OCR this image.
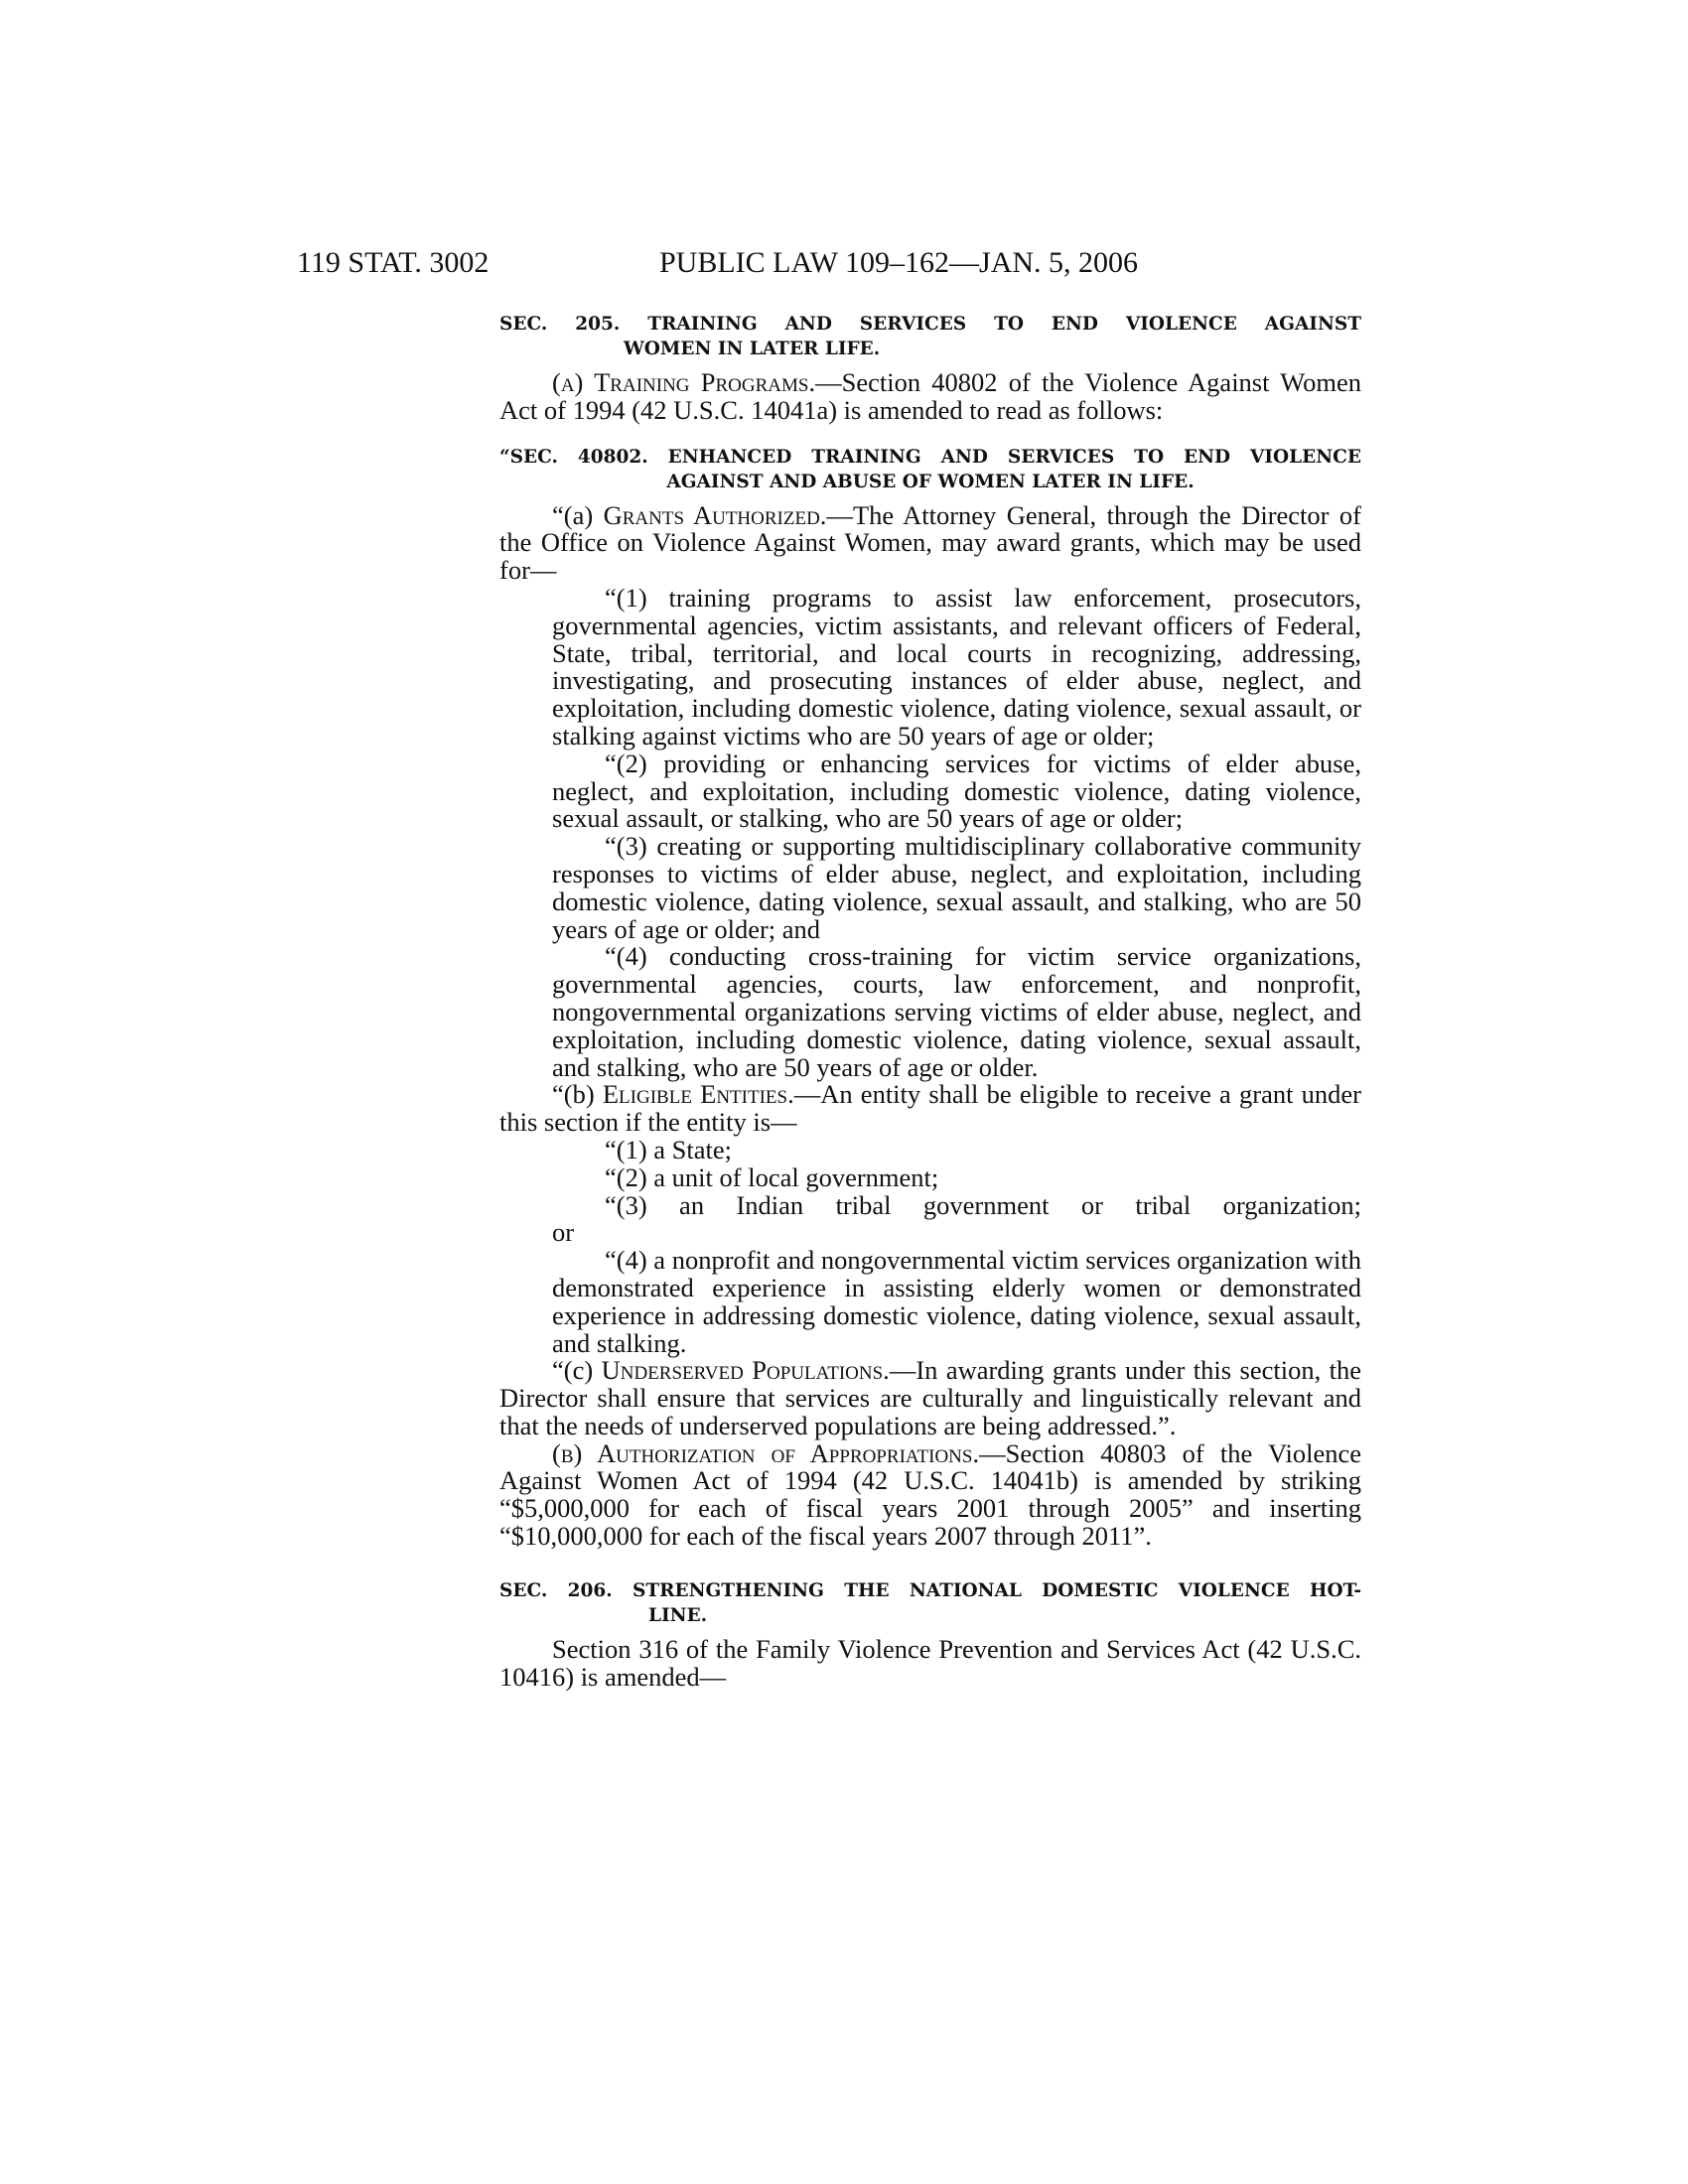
119 STAT. 3002	PUBLIC LAW 109–162—JAN. 5, 2006
SEC. 205. TRAINING AND SERVICES TO END VIOLENCE AGAINST
WOMEN IN LATER LIFE.

(a) Training Programs.—Section 40802 of the Violence Against Women Act of 1994 (42 U.S.C. 14041a) is amended to read as follows:

“SEC. 40802. ENHANCED TRAINING AND SERVICES TO END VIOLENCE
AGAINST AND ABUSE OF WOMEN LATER IN LIFE.

“(a) Grants Authorized.—The Attorney General, through the Director of the Office on Violence Against Women, may award grants, which may be used for—

“(1) training programs to assist law enforcement, prosecutors, governmental agencies, victim assistants, and relevant officers of Federal, State, tribal, territorial, and local courts in recognizing, addressing, investigating, and prosecuting instances of elder abuse, neglect, and exploitation, including domestic violence, dating violence, sexual assault, or stalking against victims who are 50 years of age or older;

“(2) providing or enhancing services for victims of elder abuse, neglect, and exploitation, including domestic violence, dating violence, sexual assault, or stalking, who are 50 years of age or older;

“(3) creating or supporting multidisciplinary collaborative community responses to victims of elder abuse, neglect, and exploitation, including domestic violence, dating violence, sexual assault, and stalking, who are 50 years of age or older; and

“(4) conducting cross-training for victim service organizations, governmental agencies, courts, law enforcement, and nonprofit, nongovernmental organizations serving victims of elder abuse, neglect, and exploitation, including domestic violence, dating violence, sexual assault, and stalking, who are 50 years of age or older.

“(b) Eligible Entities.—An entity shall be eligible to receive a grant under this section if the entity is—

“(1) a State;

“(2) a unit of local government;

“(3) an Indian tribal government or tribal organization;

or

“(4) a nonprofit and nongovernmental victim services organization with demonstrated experience in assisting elderly women or demonstrated experience in addressing domestic violence, dating violence, sexual assault, and stalking.

“(c) Underserved Populations.—In awarding grants under this section, the Director shall ensure that services are culturally and linguistically relevant and that the needs of underserved populations are being addressed.”.

(b) Authorization of Appropriations.—Section 40803 of the Violence Against Women Act of 1994 (42 U.S.C. 14041b) is amended by striking “$5,000,000 for each of fiscal years 2001 through 2005” and inserting “$10,000,000 for each of the fiscal years 2007 through 2011”.

SEC. 206. STRENGTHENING THE NATIONAL DOMESTIC VIOLENCE HOT-
LINE.

Section 316 of the Family Violence Prevention and Services Act (42 U.S.C. 10416) is amended—
